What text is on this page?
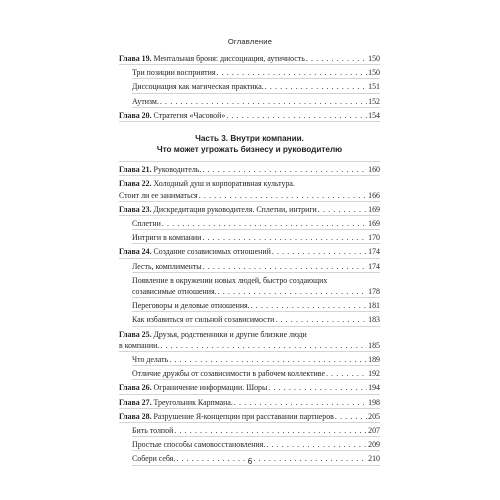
Оглавление
Глава 19. Ментальная броня: диссоциация, аутичность . . .	150
Три позиции восприятия . . .	150
Диссоциация как магическая практика. . . .	151
Аутизм. . . .	152
Глава 20. Стратегия «Часовой» . . .	154
Часть 3. Внутри компании.
Что может угрожать бизнесу и руководителю
Глава 21. Руководитель. . . .	160
Глава 22. Холодный душ и корпоративная культура.
Стоит ли ее заниматься . . .	166
Глава 23. Дискредитация руководителя. Сплетни, интриги . . .	169
Сплетни . . .	169
Интриги в компании . . .	170
Глава 24. Создание созависимых отношений . . .	174
Лесть, комплименты . . .	174
Появление в окружении новых людей, быстро создающих
созависимые отношения. . . .	178
Переговоры и деловые отношения. . . .	181
Как избавиться от сильной созависимости . . .	183
Глава 25. Друзья, родственники и другие близкие люди
в компании. . . .	185
Что делать . . .	189
Отличие дружбы от созависимости в рабочем коллективе . . .	192
Глава 26. Ограничение информации. Шоры . . .	194
Глава 27. Треугольник Карпмана. . . .	198
Глава 28. Разрушение Я-концепции при расставании партнеров . . .	205
Бить толпой . . .	207
Простые способы самовосстановления. . . .	209
Собери себя. . . .	210
6
